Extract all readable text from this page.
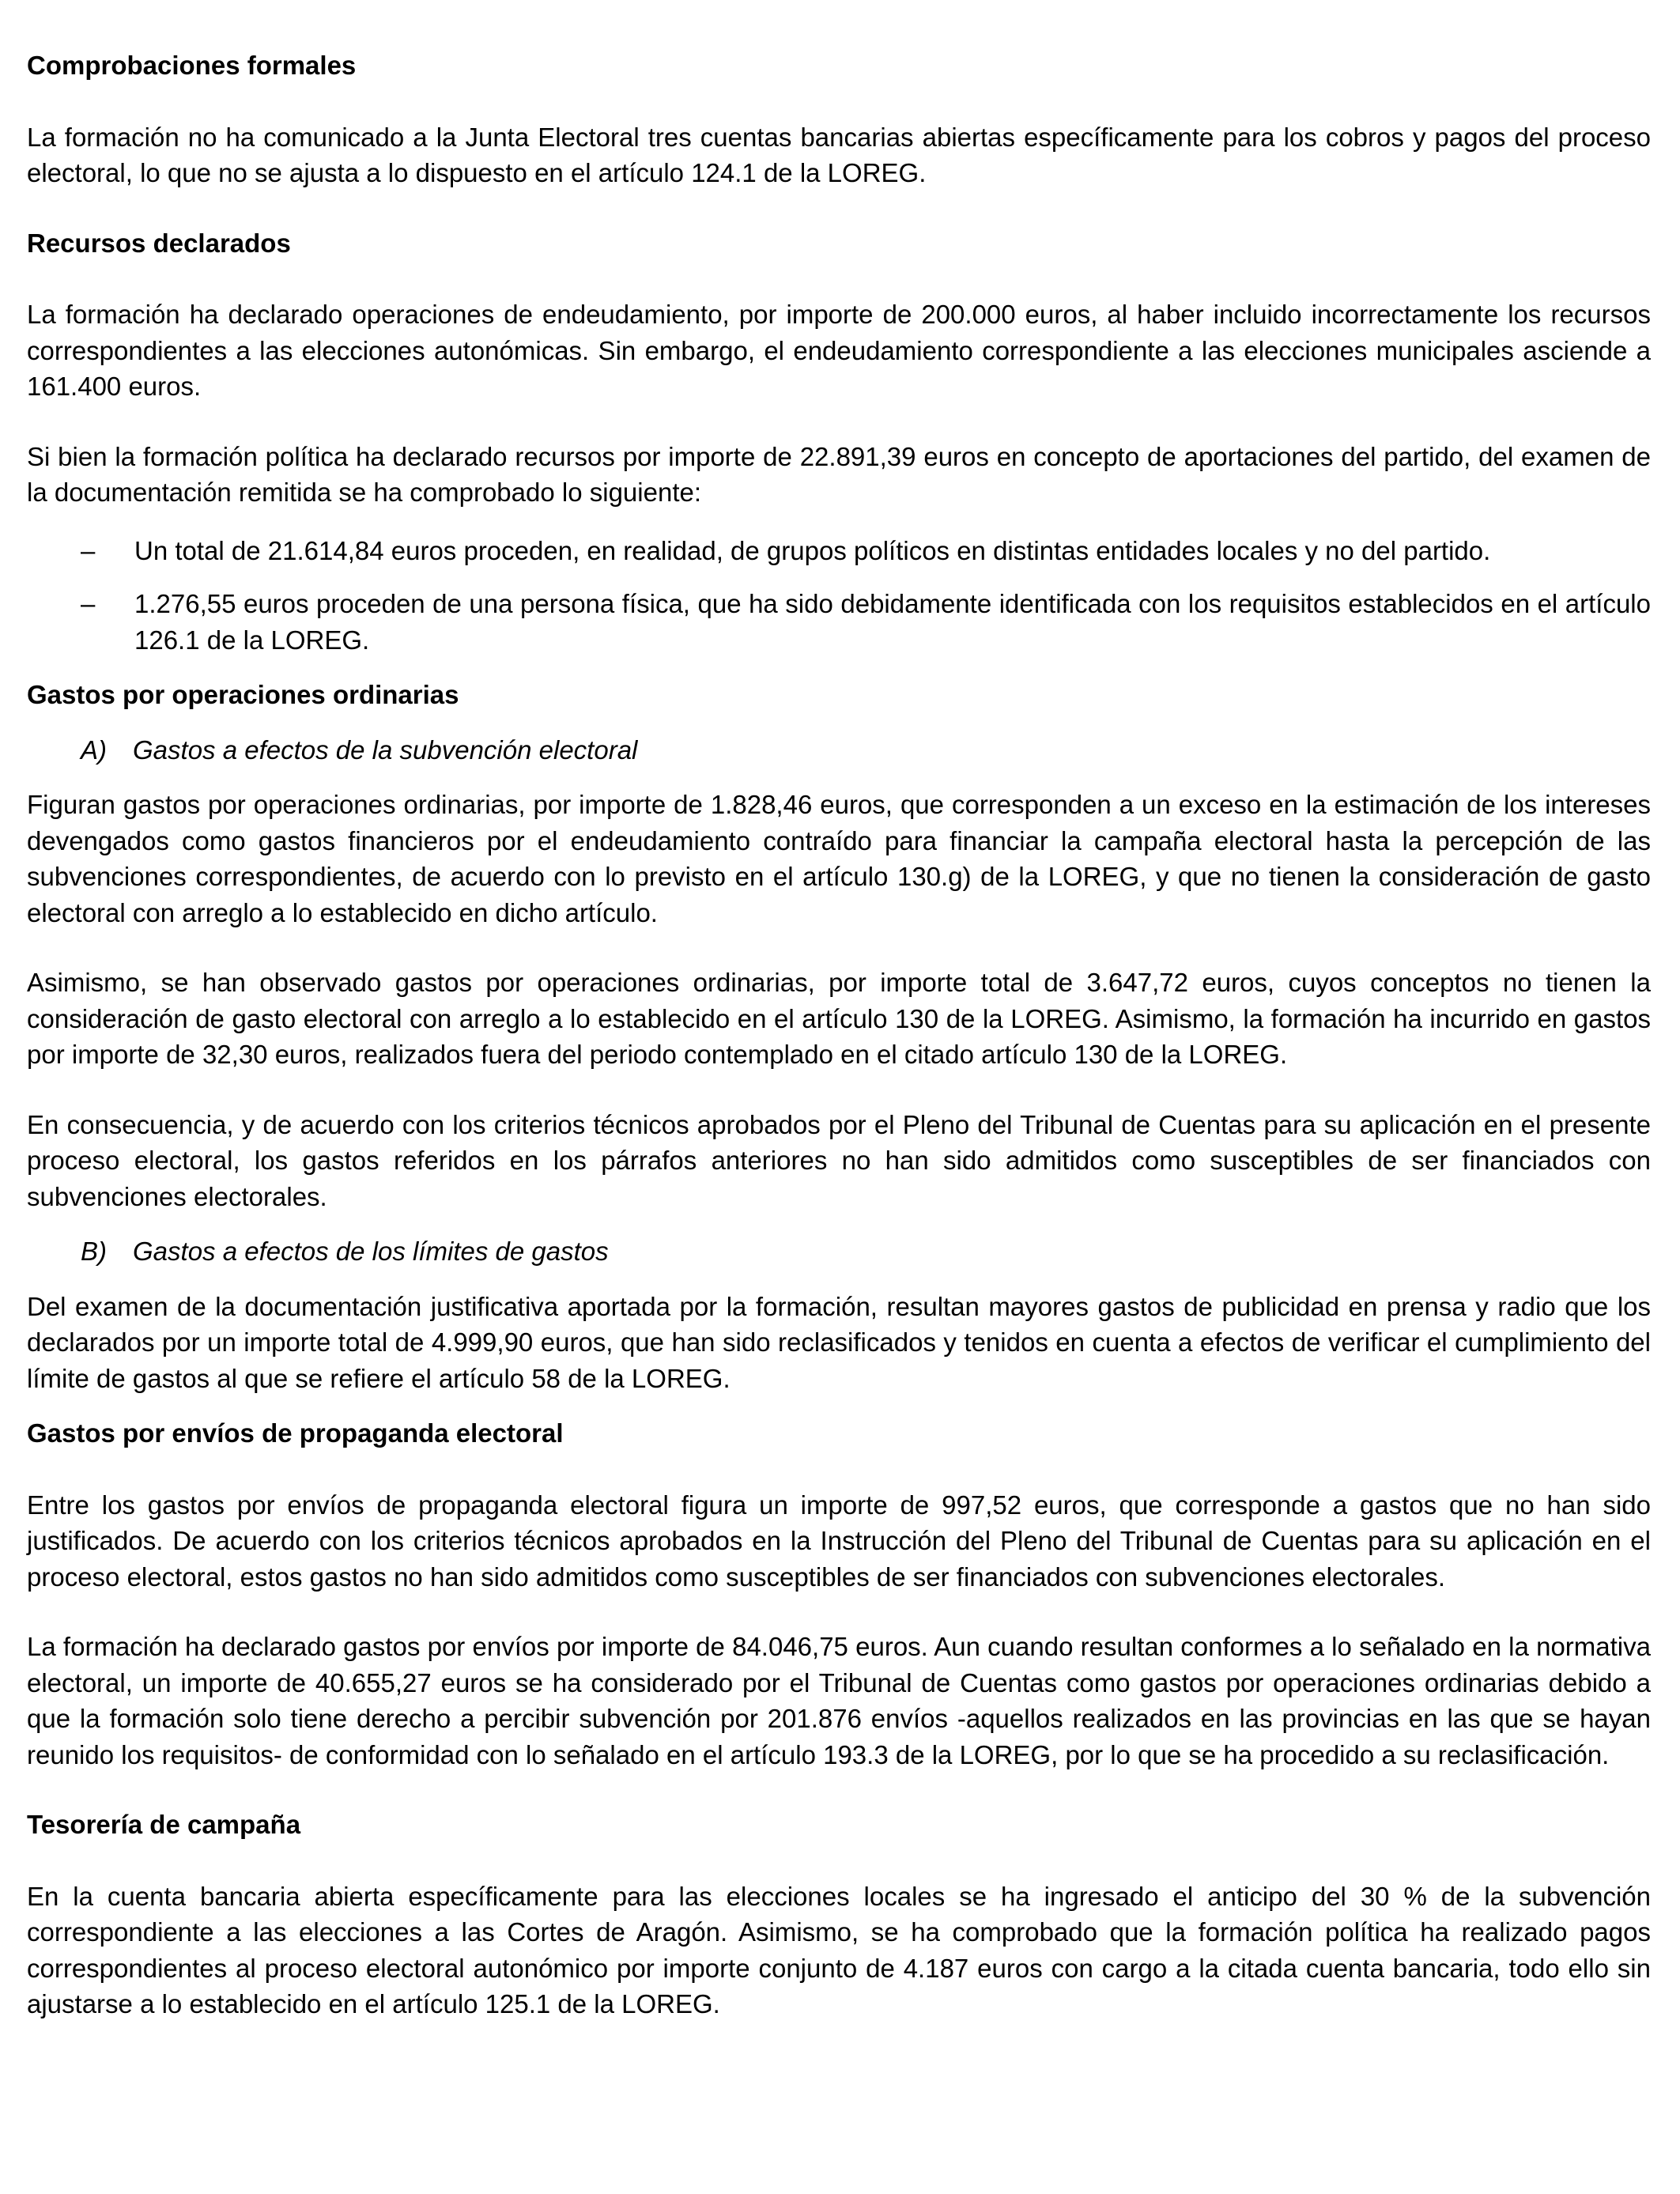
Comprobaciones formales
La formación no ha comunicado a la Junta Electoral tres cuentas bancarias abiertas específicamente para los cobros y pagos del proceso electoral, lo que no se ajusta a lo dispuesto en el artículo 124.1 de la LOREG.
Recursos declarados
La formación ha declarado operaciones de endeudamiento, por importe de 200.000 euros, al haber incluido incorrectamente los recursos correspondientes a las elecciones autonómicas. Sin embargo, el endeudamiento correspondiente a las elecciones municipales asciende a 161.400 euros.
Si bien la formación política ha declarado recursos por importe de 22.891,39 euros en concepto de aportaciones del partido, del examen de la documentación remitida se ha comprobado lo siguiente:
–	Un total de 21.614,84 euros proceden, en realidad, de grupos políticos en distintas entidades locales y no del partido.
–	1.276,55 euros proceden de una persona física, que ha sido debidamente identificada con los requisitos establecidos en el artículo 126.1 de la LOREG.
Gastos por operaciones ordinarias
A)	Gastos a efectos de la subvención electoral
Figuran gastos por operaciones ordinarias, por importe de 1.828,46 euros, que corresponden a un exceso en la estimación de los intereses devengados como gastos financieros por el endeudamiento contraído para financiar la campaña electoral hasta la percepción de las subvenciones correspondientes, de acuerdo con lo previsto en el artículo 130.g) de la LOREG, y que no tienen la consideración de gasto electoral con arreglo a lo establecido en dicho artículo.
Asimismo, se han observado gastos por operaciones ordinarias, por importe total de 3.647,72 euros, cuyos conceptos no tienen la consideración de gasto electoral con arreglo a lo establecido en el artículo 130 de la LOREG. Asimismo, la formación ha incurrido en gastos por importe de 32,30 euros, realizados fuera del periodo contemplado en el citado artículo 130 de la LOREG.
En consecuencia, y de acuerdo con los criterios técnicos aprobados por el Pleno del Tribunal de Cuentas para su aplicación en el presente proceso electoral, los gastos referidos en los párrafos anteriores no han sido admitidos como susceptibles de ser financiados con subvenciones electorales.
B)	Gastos a efectos de los límites de gastos
Del examen de la documentación justificativa aportada por la formación, resultan mayores gastos de publicidad en prensa y radio que los declarados por un importe total de 4.999,90 euros, que han sido reclasificados y tenidos en cuenta a efectos de verificar el cumplimiento del límite de gastos al que se refiere el artículo 58 de la LOREG.
Gastos por envíos de propaganda electoral
Entre los gastos por envíos de propaganda electoral figura un importe de 997,52 euros, que corresponde a gastos que no han sido justificados. De acuerdo con los criterios técnicos aprobados en la Instrucción del Pleno del Tribunal de Cuentas para su aplicación en el proceso electoral, estos gastos no han sido admitidos como susceptibles de ser financiados con subvenciones electorales.
La formación ha declarado gastos por envíos por importe de 84.046,75 euros. Aun cuando resultan conformes a lo señalado en la normativa electoral, un importe de 40.655,27 euros se ha considerado por el Tribunal de Cuentas como gastos por operaciones ordinarias debido a que la formación solo tiene derecho a percibir subvención por 201.876 envíos -aquellos realizados en las provincias en las que se hayan reunido los requisitos- de conformidad con lo señalado en el artículo 193.3 de la LOREG, por lo que se ha procedido a su reclasificación.
Tesorería de campaña
En la cuenta bancaria abierta específicamente para las elecciones locales se ha ingresado el anticipo del 30 % de la subvención correspondiente a las elecciones a las Cortes de Aragón. Asimismo, se ha comprobado que la formación política ha realizado pagos correspondientes al proceso electoral autonómico por importe conjunto de 4.187 euros con cargo a la citada cuenta bancaria, todo ello sin ajustarse a lo establecido en el artículo 125.1 de la LOREG.
